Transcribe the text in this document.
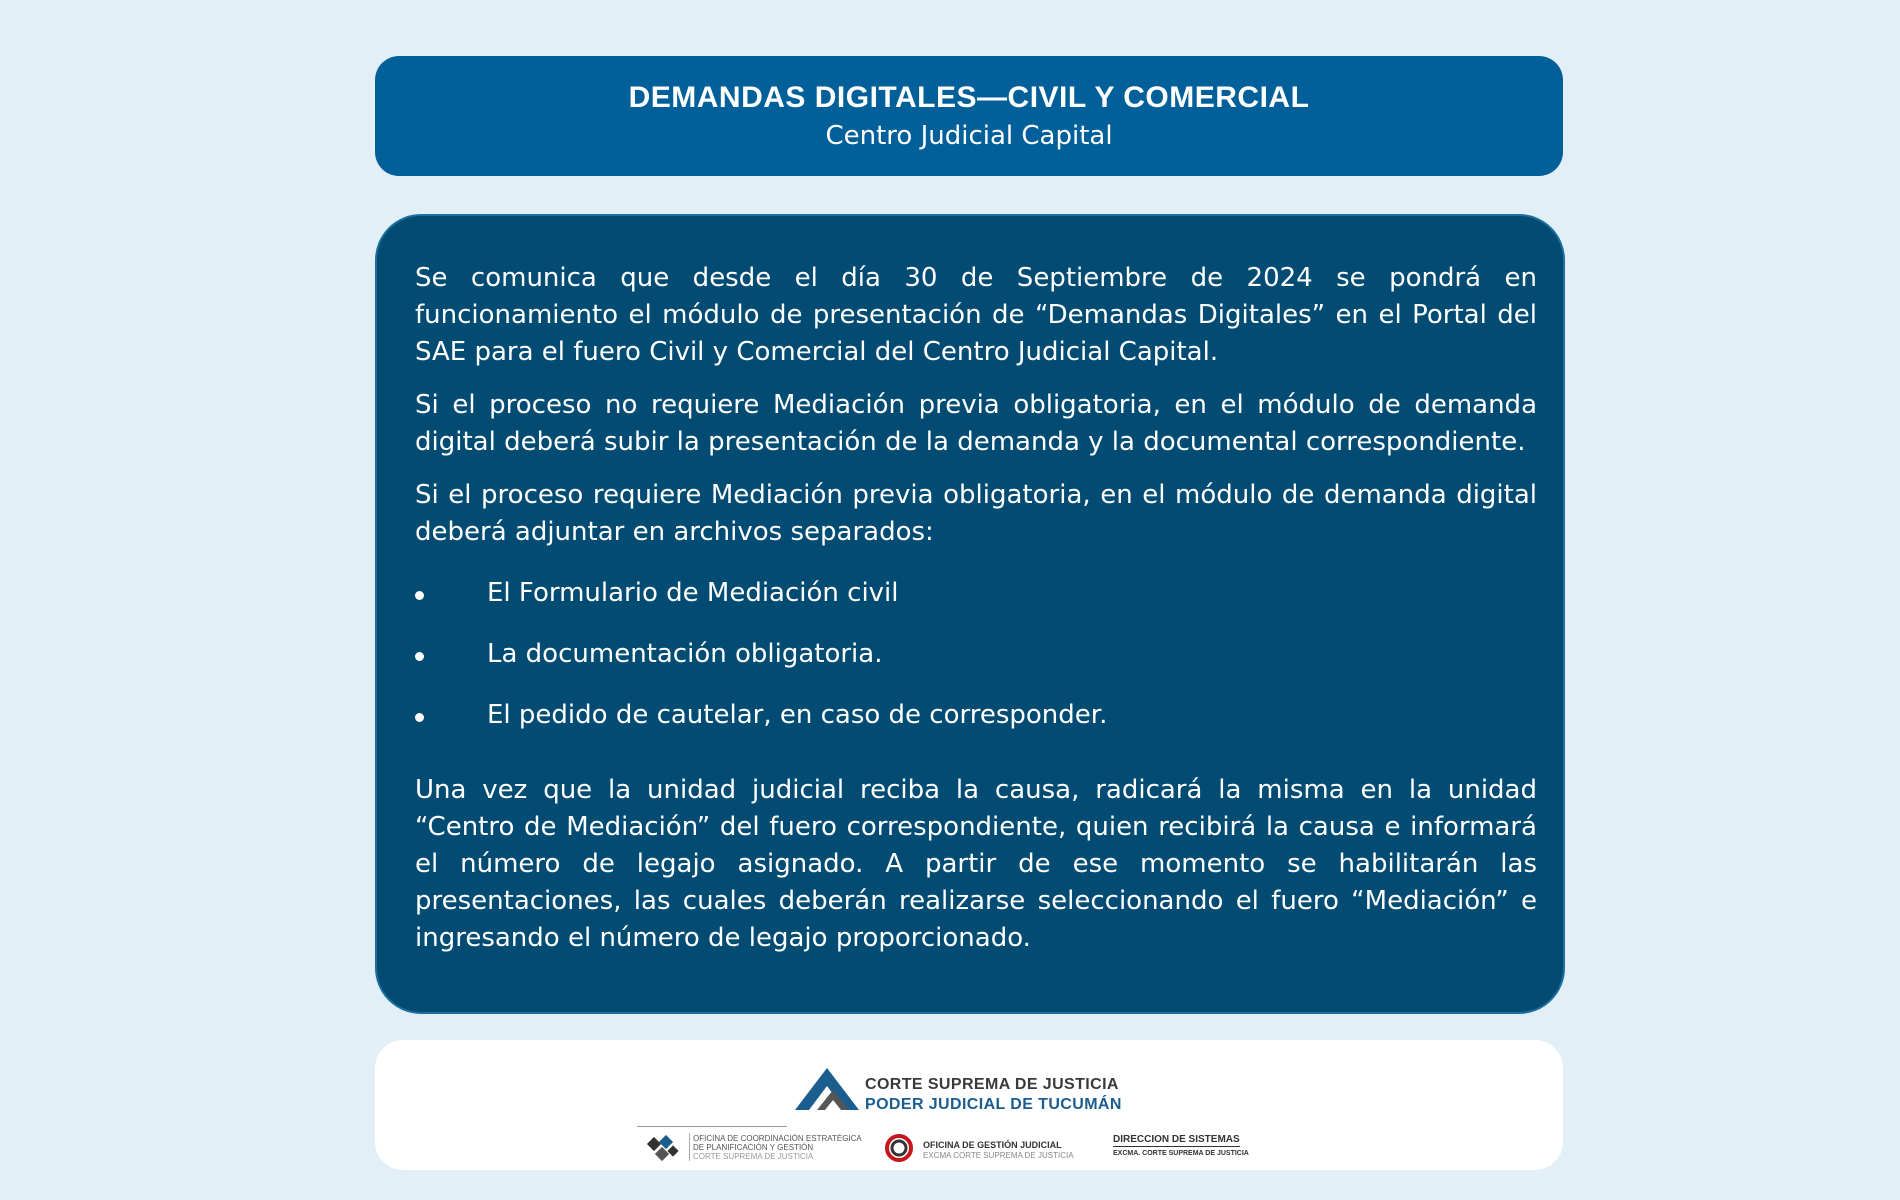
DEMANDAS DIGITALES—CIVIL Y COMERCIAL
Centro Judicial Capital

Se comunica que desde el día 30 de Septiembre de 2024 se pondrá en funcionamiento el módulo de presentación de “Demandas Digitales” en el Portal del SAE para el fuero Civil y Comercial del Centro Judicial Capital.

Si el proceso no requiere Mediación previa obligatoria, en el módulo de demanda digital deberá subir la presentación de la demanda y la documental correspondiente.

Si el proceso requiere Mediación previa obligatoria, en el módulo de demanda digital deberá adjuntar en archivos separados:

El Formulario de Mediación civil
La documentación obligatoria.
El pedido de cautelar, en caso de corresponder.

Una vez que la unidad judicial reciba la causa, radicará la misma en la unidad “Centro de Mediación” del fuero correspondiente, quien recibirá la causa e informará el número de legajo asignado. A partir de ese momento se habilitarán las presentaciones, las cuales deberán realizarse seleccionando el fuero “Mediación” e ingresando el número de legajo proporcionado.

CORTE SUPREMA DE JUSTICIA
PODER JUDICIAL DE TUCUMÁN
OFICINA DE COORDINACIÓN ESTRATÉGICA
DE PLANIFICACIÓN Y GESTIÓN
CORTE SUPREMA DE JUSTICIA
OFICINA DE GESTIÓN JUDICIAL
EXCMA CORTE SUPREMA DE JUSTICIA
DIRECCION DE SISTEMAS
EXCMA. CORTE SUPREMA DE JUSTICIA
